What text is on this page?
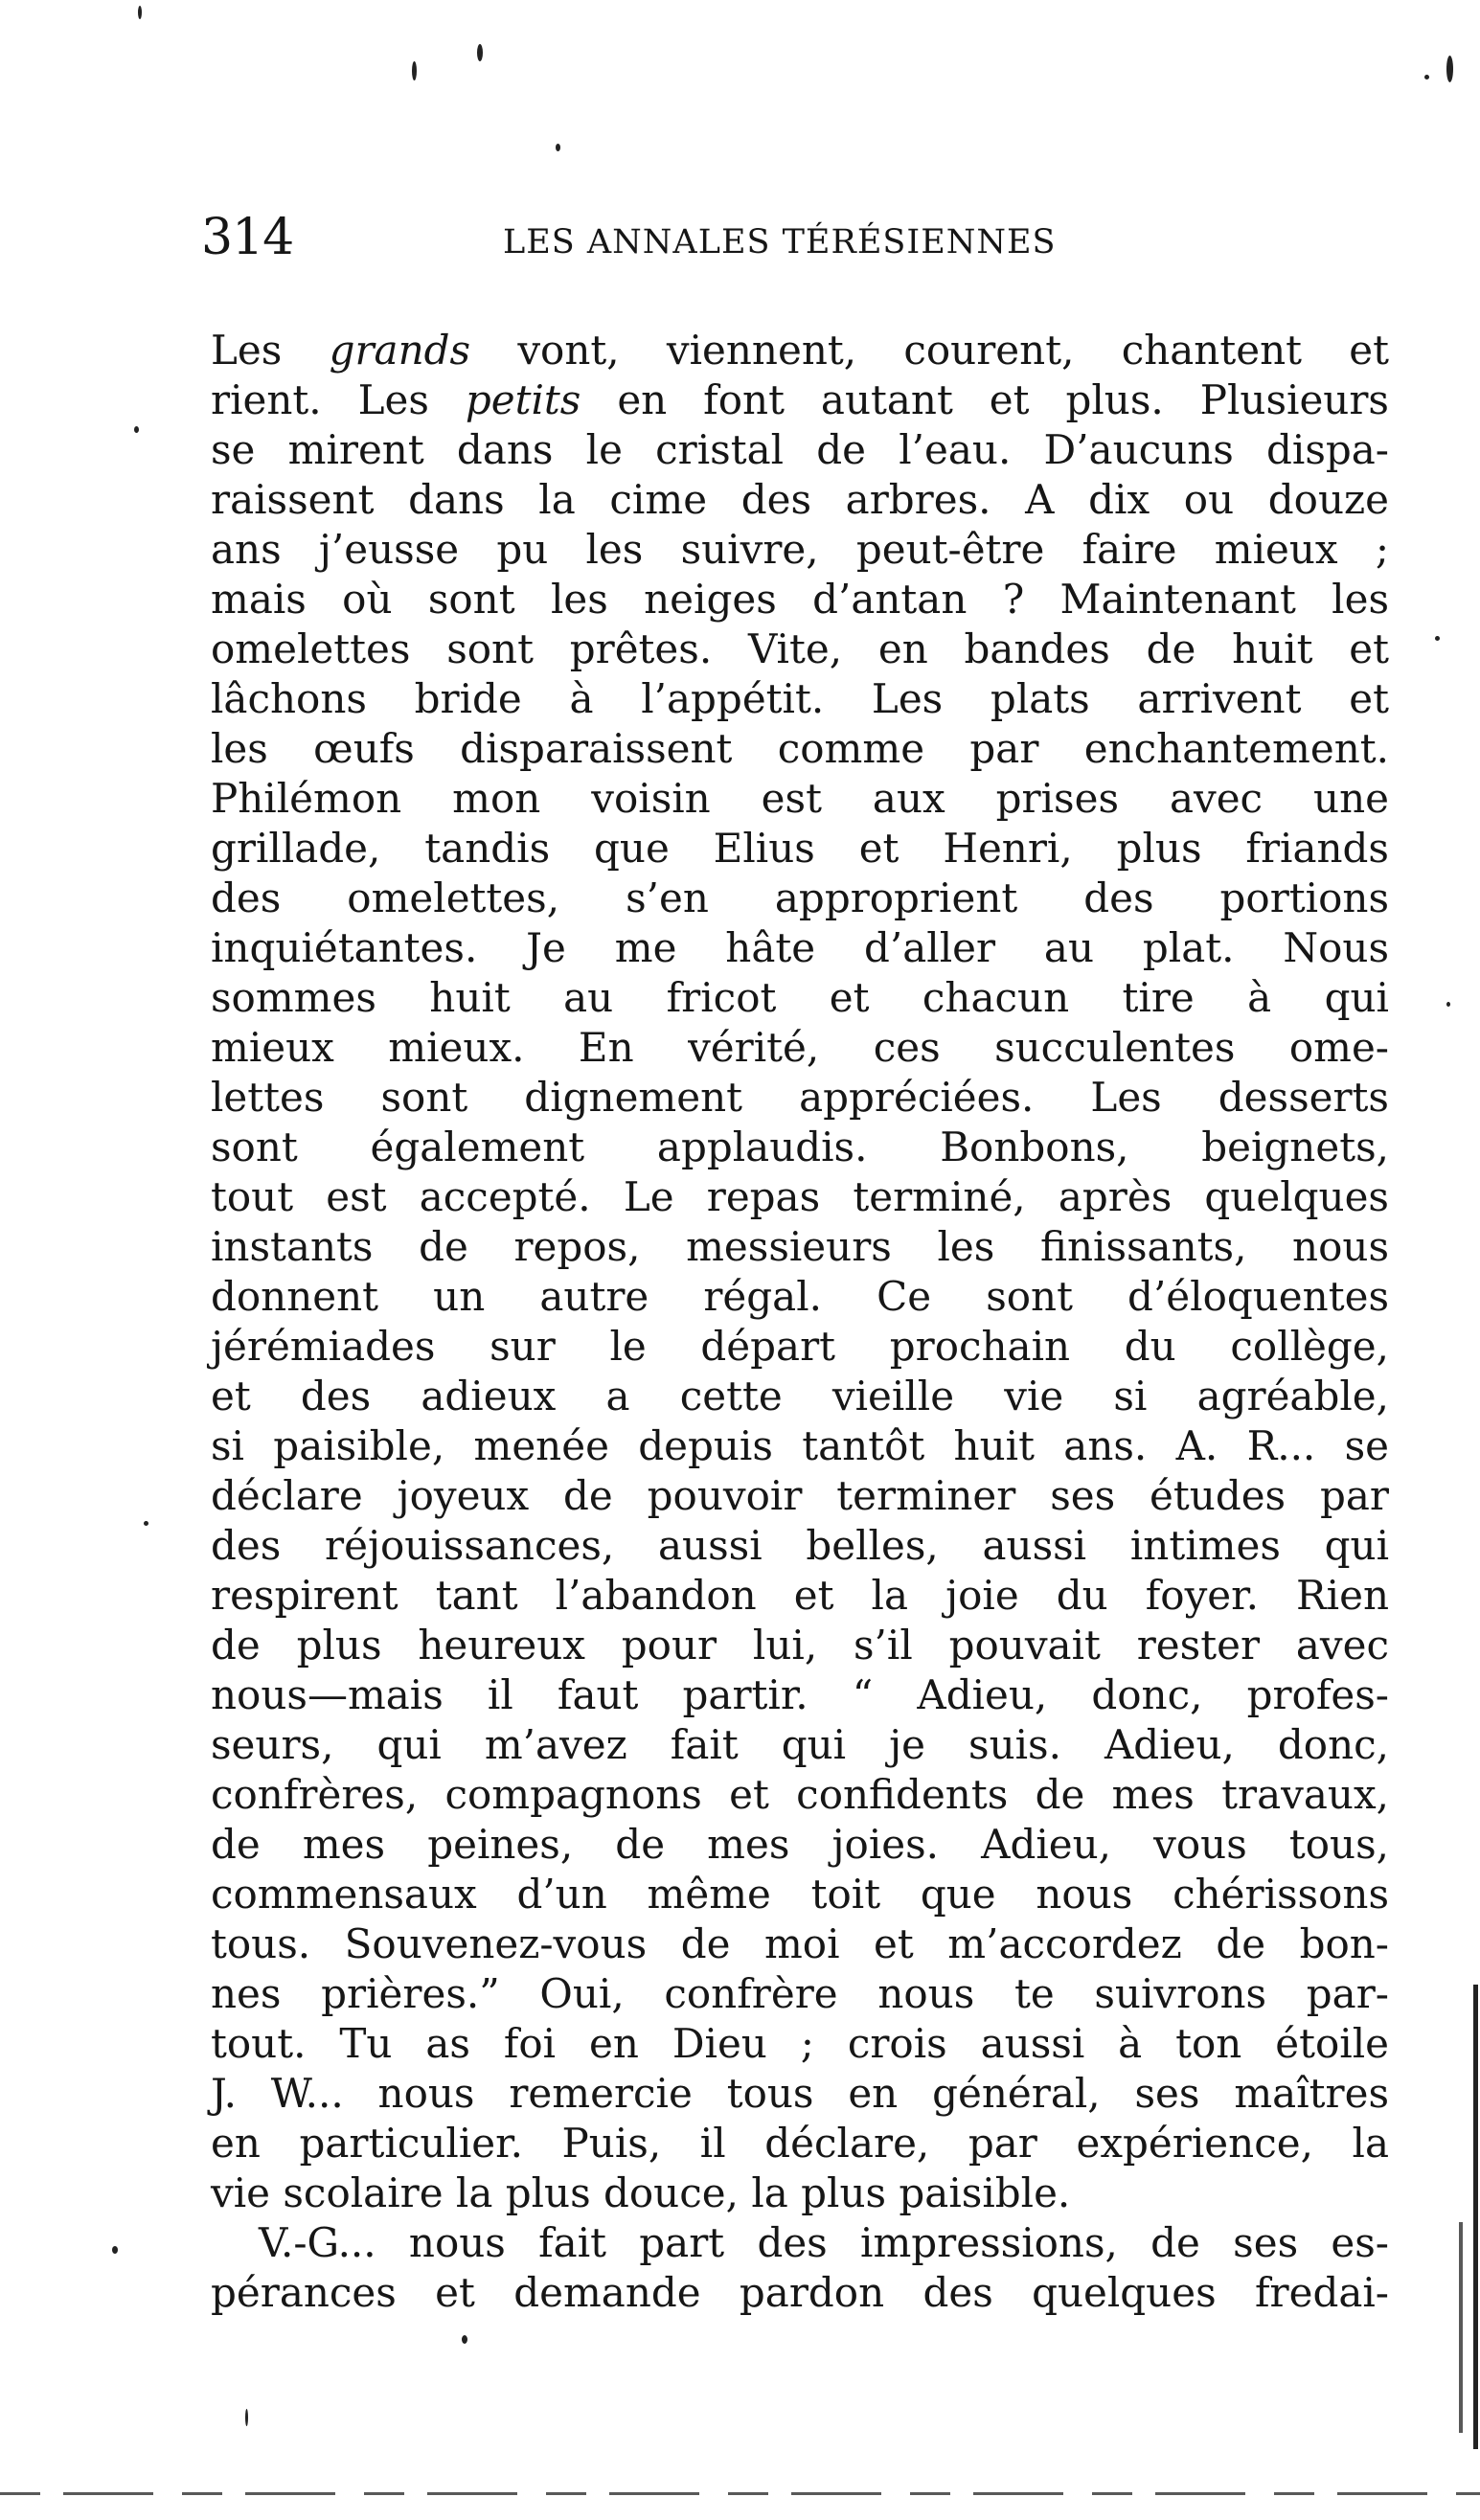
314	LES ANNALES TÉRÉSIENNES
Les grands vont, viennent, courent, chantent et
rient. Les petits en font autant et plus. Plusieurs
se mirent dans le cristal de l’eau. D’aucuns dispa-
raissent dans la cime des arbres. A dix ou douze
ans j’eusse pu les suivre, peut-être faire mieux ;
mais où sont les neiges d’antan ? Maintenant les
omelettes sont prêtes. Vite, en bandes de huit et
lâchons bride à l’appétit. Les plats arrivent et
les œufs disparaissent comme par enchantement.
Philémon mon voisin est aux prises avec une
grillade, tandis que Elius et Henri, plus friands
des omelettes, s’en approprient des portions
inquiétantes. Je me hâte d’aller au plat. Nous
sommes huit au fricot et chacun tire à qui
mieux mieux. En vérité, ces succulentes ome-
lettes sont dignement appréciées. Les desserts
sont également applaudis. Bonbons, beignets,
tout est accepté. Le repas terminé, après quelques
instants de repos, messieurs les finissants, nous
donnent un autre régal. Ce sont d’éloquentes
jérémiades sur le départ prochain du collège,
et des adieux a cette vieille vie si agréable,
si paisible, menée depuis tantôt huit ans. A. R... se
déclare joyeux de pouvoir terminer ses études par
des réjouissances, aussi belles, aussi intimes qui
respirent tant l’abandon et la joie du foyer. Rien
de plus heureux pour lui, s’il pouvait rester avec
nous—mais il faut partir. “ Adieu, donc, profes-
seurs, qui m’avez fait qui je suis. Adieu, donc,
confrères, compagnons et confidents de mes travaux,
de mes peines, de mes joies. Adieu, vous tous,
commensaux d’un même toit que nous chérissons
tous. Souvenez-vous de moi et m’accordez de bon-
nes prières.” Oui, confrère nous te suivrons par-
tout. Tu as foi en Dieu ; crois aussi à ton étoile
J. W... nous remercie tous en général, ses maîtres
en particulier. Puis, il déclare, par expérience, la
vie scolaire la plus douce, la plus paisible.
V.-G... nous fait part des impressions, de ses es-
pérances et demande pardon des quelques fredai-
